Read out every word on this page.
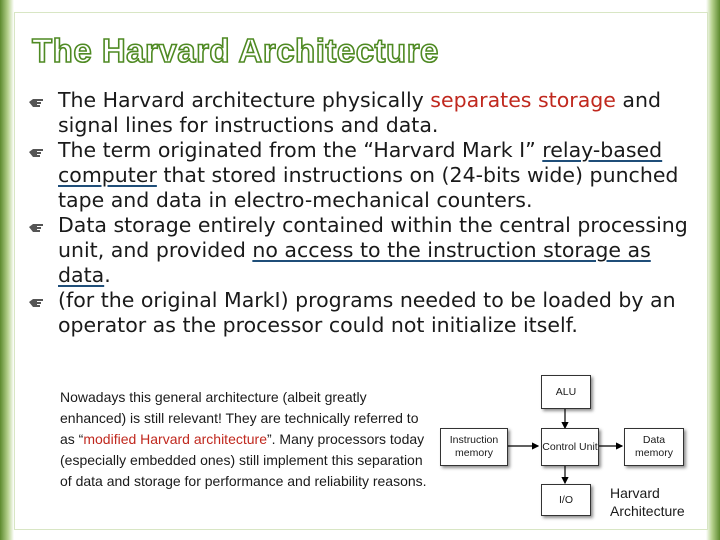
The Harvard Architecture
The Harvard architecture physically separates storage and signal lines for instructions and data.
The term originated from the “Harvard Mark I” relay-based computer that stored instructions on (24-bits wide) punched tape and data in electro-mechanical counters.
Data storage entirely contained within the central processing unit, and provided no access to the instruction storage as data.
(for the original MarkI) programs needed to be loaded by an operator as the processor could not initialize itself.
Nowadays this general architecture (albeit greatly enhanced) is still relevant! They are technically referred to as “modified Harvard architecture”. Many processors today (especially embedded ones) still implement this separation of data and storage for performance and reliability reasons.
ALU
Instruction memory
Control Unit
Data memory
I/O	Harvard Architecture
